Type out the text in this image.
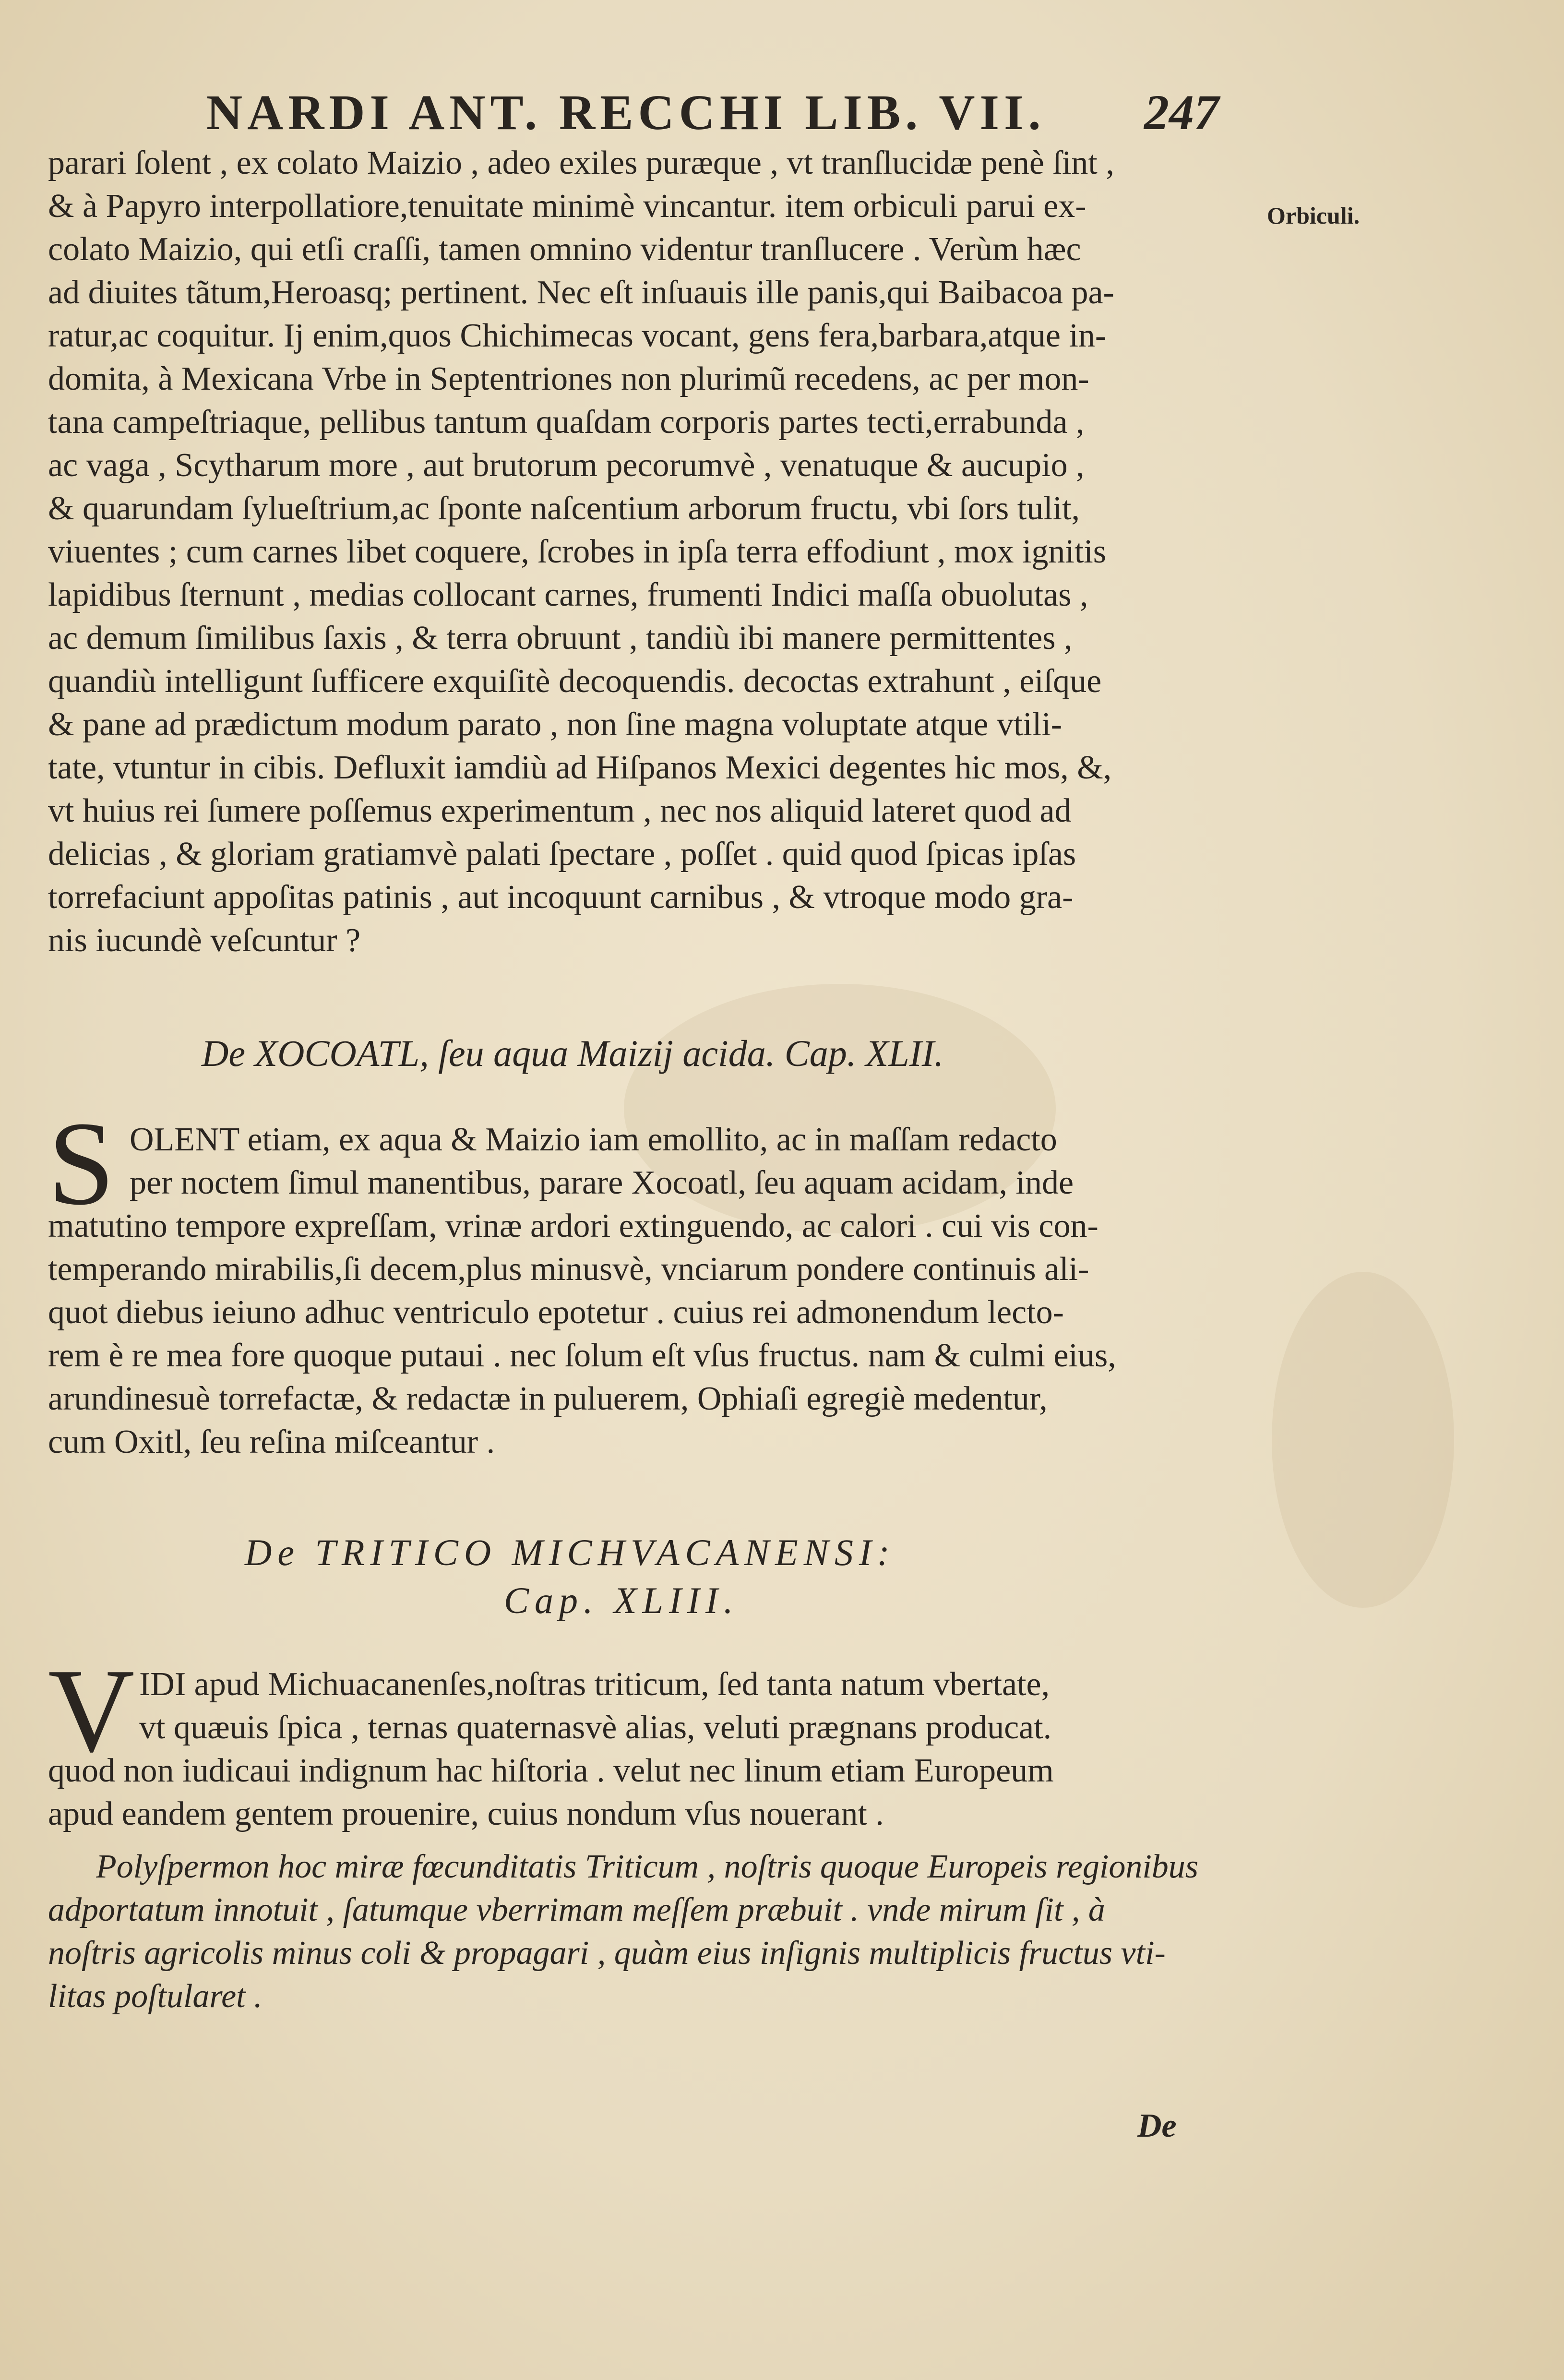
NARDI ANT. RECCHI LIB. VII. 247
Orbiculi.
parari ſolent , ex colato Maizio , adeo exiles puræque , vt tranſlucidæ penè ſint ,
& à Papyro interpollatiore,tenuitate minimè vincantur. item orbiculi parui ex-
colato Maizio, qui etſi craſſi, tamen omnino videntur tranſlucere . Verùm hæc
ad diuites tãtum,Heroasq; pertinent. Nec eſt inſuauis ille panis,qui Baibacoa pa-
ratur,ac coquitur. Ij enim,quos Chichimecas vocant, gens fera,barbara,atque in-
domita, à Mexicana Vrbe in Septentriones non plurimũ recedens, ac per mon-
tana campeſtriaque, pellibus tantum quaſdam corporis partes tecti,errabunda ,
ac vaga , Scytharum more , aut brutorum pecorumvè , venatuque & aucupio ,
& quarundam ſylueſtrium,ac ſponte naſcentium arborum fructu, vbi ſors tulit,
viuentes ; cum carnes libet coquere, ſcrobes in ipſa terra effodiunt , mox ignitis
lapidibus ſternunt , medias collocant carnes, frumenti Indici maſſa obuolutas ,
ac demum ſimilibus ſaxis , & terra obruunt , tandiù ibi manere permittentes ,
quandiù intelligunt ſufficere exquiſitè decoquendis. decoctas extrahunt , eiſque
& pane ad prædictum modum parato , non ſine magna voluptate atque vtili-
tate, vtuntur in cibis. Defluxit iamdiù ad Hiſpanos Mexici degentes hic mos, &,
vt huius rei ſumere poſſemus experimentum , nec nos aliquid lateret quod ad
delicias , & gloriam gratiamvè palati ſpectare , poſſet . quid quod ſpicas ipſas
torrefaciunt appoſitas patinis , aut incoquunt carnibus , & vtroque modo gra-
nis iucundè veſcuntur ?
De XOCOATL, ſeu aqua Maizij acida. Cap. XLII.
S OLENT etiam, ex aqua & Maizio iam emollito, ac in maſſam redacto
per noctem ſimul manentibus, parare Xocoatl, ſeu aquam acidam, inde
matutino tempore expreſſam, vrinæ ardori extinguendo, ac calori . cui vis con-
temperando mirabilis,ſi decem,plus minusvè, vnciarum pondere continuis ali-
quot diebus ieiuno adhuc ventriculo epotetur . cuius rei admonendum lecto-
rem è re mea fore quoque putaui . nec ſolum eſt vſus fructus. nam & culmi eius,
arundinesuè torrefactæ, & redactæ in puluerem, Ophiaſi egregiè medentur,
cum Oxitl, ſeu reſina miſceantur .
De TRITICO MICHVACANENSI:
Cap. XLIII.
V IDI apud Michuacanenſes,noſtras triticum, ſed tanta natum vbertate,
vt quæuis ſpica , ternas quaternasvè alias, veluti prægnans producat.
quod non iudicaui indignum hac hiſtoria . velut nec linum etiam Europeum
apud eandem gentem prouenire, cuius nondum vſus nouerant .
Polyſpermon hoc miræ fœcunditatis Triticum , noſtris quoque Europeis regionibus
adportatum innotuit , ſatumque vberrimam meſſem præbuit . vnde mirum ſit , à
noſtris agricolis minus coli & propagari , quàm eius inſignis multiplicis fructus vti-
litas poſtularet .
De
